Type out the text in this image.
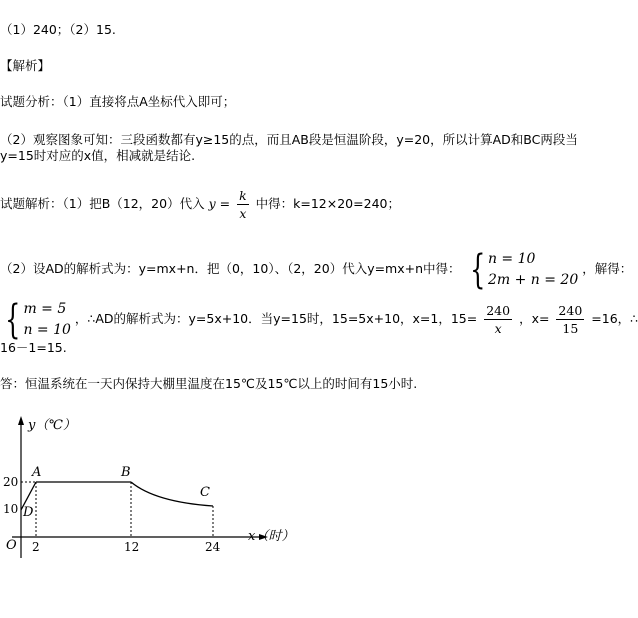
（1）240；（2）15.
【解析】
试题分析：（1）直接将点A坐标代入即可；
（2）观察图象可知：三段函数都有y≥15的点，而且AB段是恒温阶段，y=20，所以计算AD和BC两段当
y=15时对应的x值，相减就是结论.
试题解析：（1）把B（12，20）代入 $y = \frac{k}{x}$ 中得：k=12×20=240；
（2）设AD的解析式为：y=mx+n．把（0，10）、（2，20）代入y=mx+n中得： { n = 10
2m + n = 20
，解得：
{ m = 5
n = 10
，∴AD的解析式为：y=5x+10．当y=15时，15=5x+10，x=1，$15= \frac{240}{x}$ ，$x= \frac{240}{15} =16$，∴
16－1=15.
答：恒温系统在一天内保持大棚里温度在15℃及15℃以上的时间有15小时.
y（℃）
x（时）
O
A	B
C
D
20
10
2	12	24
